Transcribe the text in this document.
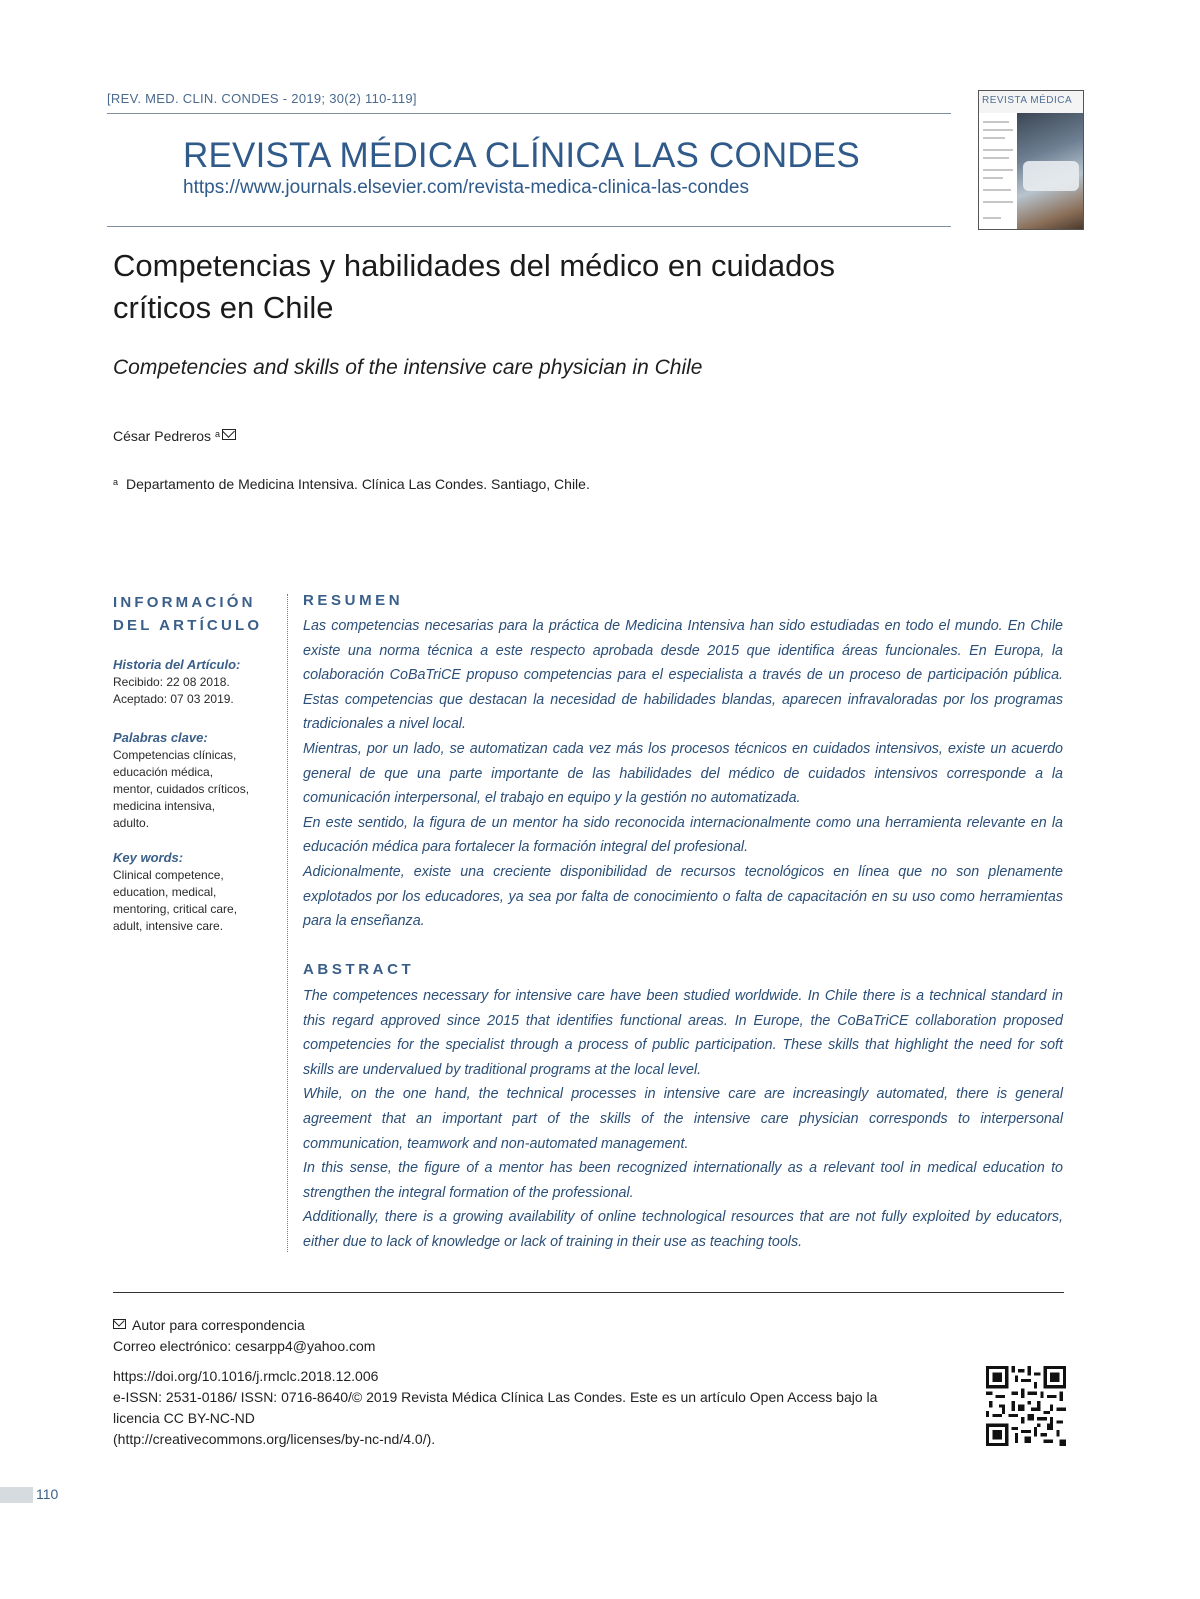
[REV. MED. CLIN. CONDES - 2019; 30(2) 110-119]
REVISTA MÉDICA CLÍNICA LAS CONDES
https://www.journals.elsevier.com/revista-medica-clinica-las-condes
REVISTA MÉDICA
Competencias y habilidades del médico en cuidados
críticos en Chile
Competencies and skills of the intensive care physician in Chile
César Pedreros $^a$
$^a$ Departamento de Medicina Intensiva. Clínica Las Condes. Santiago, Chile.
INFORMACIÓN
DEL ARTÍCULO
Historia del Artículo:
Recibido: 22 08 2018.
Aceptado: 07 03 2019.
Palabras clave:
Competencias clínicas,
educación médica,
mentor, cuidados críticos,
medicina intensiva,
adulto.
Key words:
Clinical competence,
education, medical,
mentoring, critical care,
adult, intensive care.
RESUMEN

Las competencias necesarias para la práctica de Medicina Intensiva han sido estudiadas en todo el mundo. En Chile existe una norma técnica a este respecto aprobada desde 2015 que identifica áreas funcionales. En Europa, la colaboración CoBaTriCE propuso competencias para el especialista a través de un proceso de participación pública. Estas competencias que destacan la necesidad de habilidades blandas, aparecen infravaloradas por los programas tradicionales a nivel local.

Mientras, por un lado, se automatizan cada vez más los procesos técnicos en cuidados intensivos, existe un acuerdo general de que una parte importante de las habilidades del médico de cuidados intensivos corresponde a la comunicación interpersonal, el trabajo en equipo y la gestión no automatizada.

En este sentido, la figura de un mentor ha sido reconocida internacionalmente como una herramienta relevante en la educación médica para fortalecer la formación integral del profesional.

Adicionalmente, existe una creciente disponibilidad de recursos tecnológicos en línea que no son plenamente explotados por los educadores, ya sea por falta de conocimiento o falta de capacitación en su uso como herramientas para la enseñanza.

ABSTRACT

The competences necessary for intensive care have been studied worldwide. In Chile there is a technical standard in this regard approved since 2015 that identifies functional areas. In Europe, the CoBaTriCE collaboration proposed competencies for the specialist through a process of public participation. These skills that highlight the need for soft skills are undervalued by traditional programs at the local level.

While, on the one hand, the technical processes in intensive care are increasingly automated, there is general agreement that an important part of the skills of the intensive care physician corresponds to interpersonal communication, teamwork and non-automated management.

In this sense, the figure of a mentor has been recognized internationally as a relevant tool in medical education to strengthen the integral formation of the professional.

Additionally, there is a growing availability of online technological resources that are not fully exploited by educators, either due to lack of knowledge or lack of training in their use as teaching tools.

Autor para correspondencia
Correo electrónico: cesarpp4@yahoo.com
https://doi.org/10.1016/j.rmclc.2018.12.006
e-ISSN: 2531-0186/ ISSN: 0716-8640/© 2019 Revista Médica Clínica Las Condes. Este es un artículo Open Access bajo la
licencia CC BY-NC-ND
(http://creativecommons.org/licenses/by-nc-nd/4.0/).
110
